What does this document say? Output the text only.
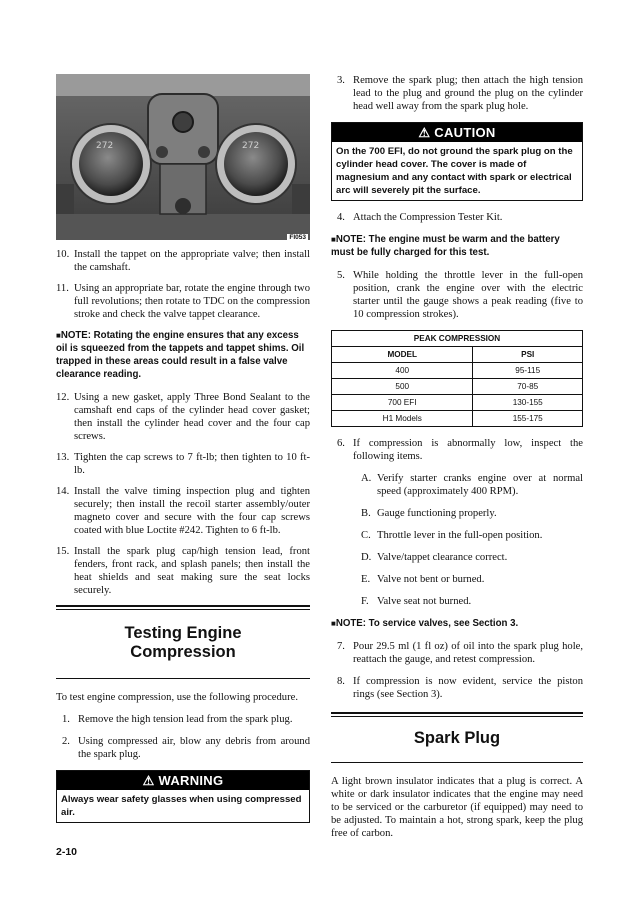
272	272
FI053
10. Install the tappet on the appropriate valve; then install the camshaft.
11. Using an appropriate bar, rotate the engine through two full revolutions; then rotate to TDC on the compression stroke and check the valve tappet clearance.
■NOTE: Rotating the engine ensures that any excess oil is squeezed from the tappets and tappet shims. Oil trapped in these areas could result in a false valve clearance reading.
12. Using a new gasket, apply Three Bond Sealant to the camshaft end caps of the cylinder head cover gasket; then install the cylinder head cover and the four cap screws.
13. Tighten the cap screws to 7 ft-lb; then tighten to 10 ft-lb.
14. Install the valve timing inspection plug and tighten securely; then install the recoil starter assembly/outer magneto cover and secure with the four cap screws coated with blue Loctite #242. Tighten to 6 ft-lb.
15. Install the spark plug cap/high tension lead, front fenders, front rack, and splash panels; then install the heat shields and seat making sure the seat locks securely.
Testing Engine
Compression
To test engine compression, use the following procedure.
1. Remove the high tension lead from the spark plug.
2. Using compressed air, blow any debris from around the spark plug.
⚠ WARNING
Always wear safety glasses when using compressed air.
3. Remove the spark plug; then attach the high tension lead to the plug and ground the plug on the cylinder head well away from the spark plug hole.
⚠ CAUTION
On the 700 EFI, do not ground the spark plug on the cylinder head cover. The cover is made of magnesium and any contact with spark or electrical arc will severely pit the surface.
4. Attach the Compression Tester Kit.
■NOTE: The engine must be warm and the battery must be fully charged for this test.
5. While holding the throttle lever in the full-open position, crank the engine over with the electric starter until the gauge shows a peak reading (five to 10 compression strokes).
PEAK COMPRESSION	
MODEL	PSI
400	95-115
500	70-85
700 EFI	130-155
H1 Models	155-175
6. If compression is abnormally low, inspect the following items.
A. Verify starter cranks engine over at normal speed (approximately 400 RPM).
B. Gauge functioning properly.
C. Throttle lever in the full-open position.
D. Valve/tappet clearance correct.
E. Valve not bent or burned.
F. Valve seat not burned.
■NOTE: To service valves, see Section 3.
7. Pour 29.5 ml (1 fl oz) of oil into the spark plug hole, reattach the gauge, and retest compression.
8. If compression is now evident, service the piston rings (see Section 3).
Spark Plug
A light brown insulator indicates that a plug is correct. A white or dark insulator indicates that the engine may need to be serviced or the carburetor (if equipped) may need to be adjusted. To maintain a hot, strong spark, keep the plug free of carbon.
2-10
